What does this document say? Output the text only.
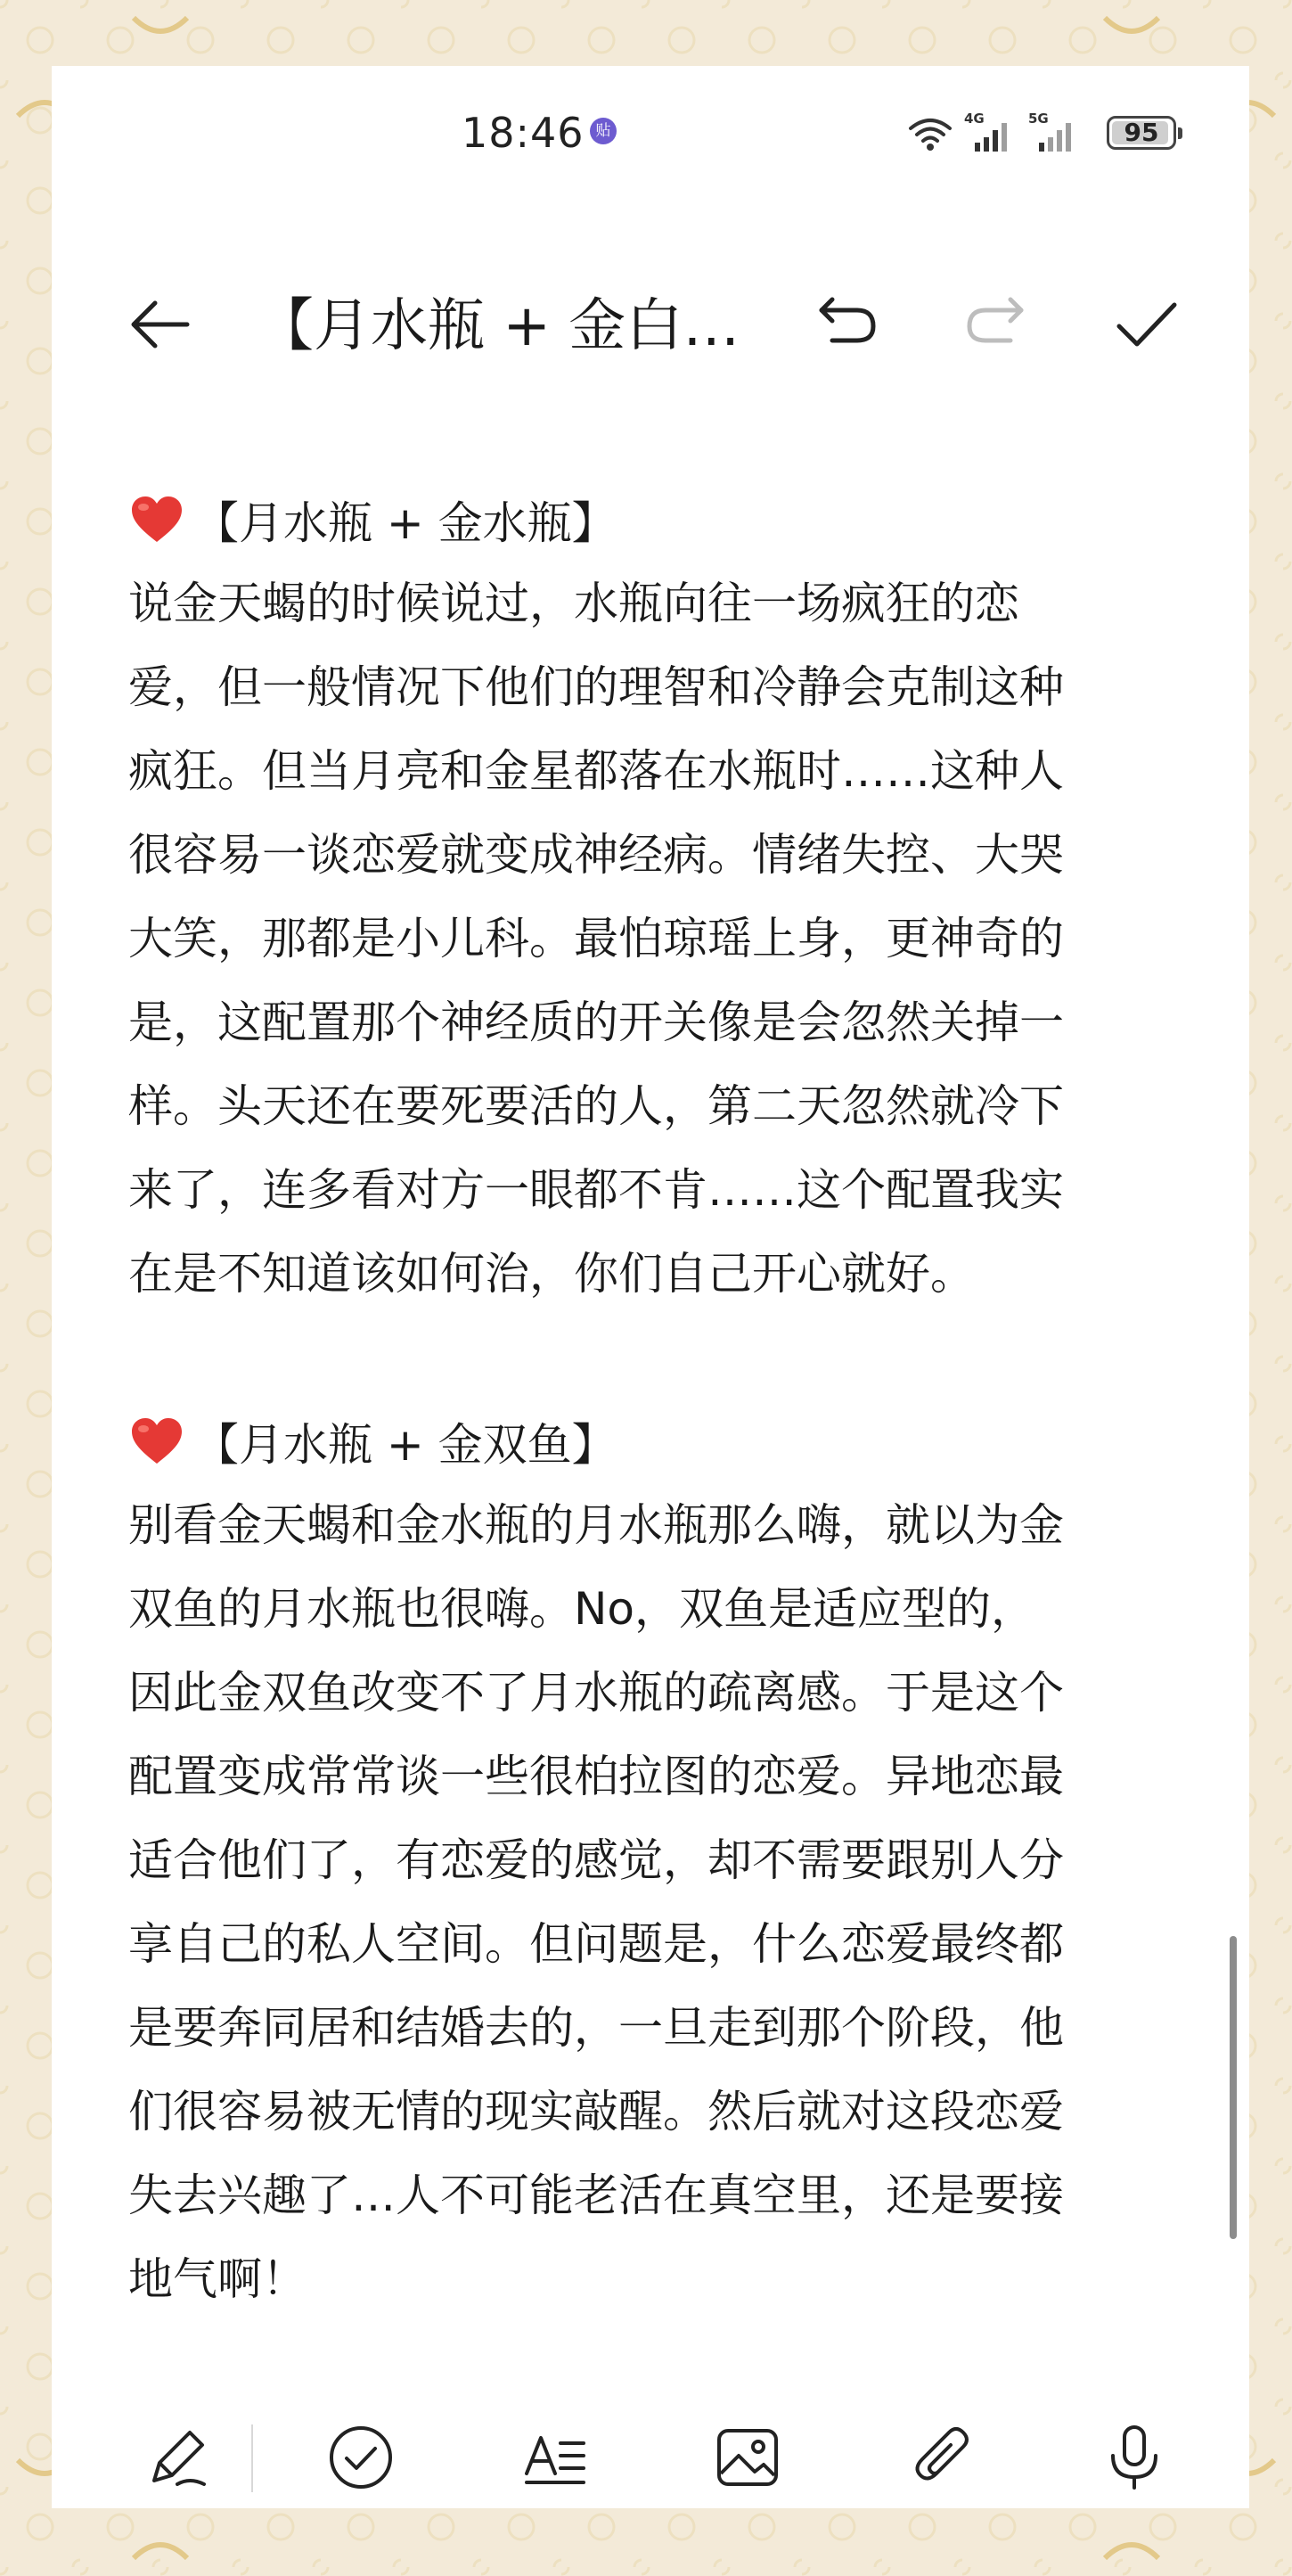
18:46 贴
4G	5G	95
【月水瓶 + 金白…
【月水瓶 + 金水瓶】

说金天蝎的时候说过，水瓶向往一场疯狂的恋
爱，但一般情况下他们的理智和冷静会克制这种
疯狂。但当月亮和金星都落在水瓶时……这种人
很容易一谈恋爱就变成神经病。情绪失控、大哭
大笑，那都是小儿科。最怕琼瑶上身，更神奇的
是，这配置那个神经质的开关像是会忽然关掉一
样。头天还在要死要活的人，第二天忽然就冷下
来了，连多看对方一眼都不肯……这个配置我实
在是不知道该如何治，你们自己开心就好。

【月水瓶 + 金双鱼】

别看金天蝎和金水瓶的月水瓶那么嗨，就以为金
双鱼的月水瓶也很嗨。No，双鱼是适应型的，
因此金双鱼改变不了月水瓶的疏离感。于是这个
配置变成常常谈一些很柏拉图的恋爱。异地恋最
适合他们了，有恋爱的感觉，却不需要跟别人分
享自己的私人空间。但问题是，什么恋爱最终都
是要奔同居和结婚去的，一旦走到那个阶段，他
们很容易被无情的现实敲醒。然后就对这段恋爱
失去兴趣了…人不可能老活在真空里，还是要接
地气啊！
